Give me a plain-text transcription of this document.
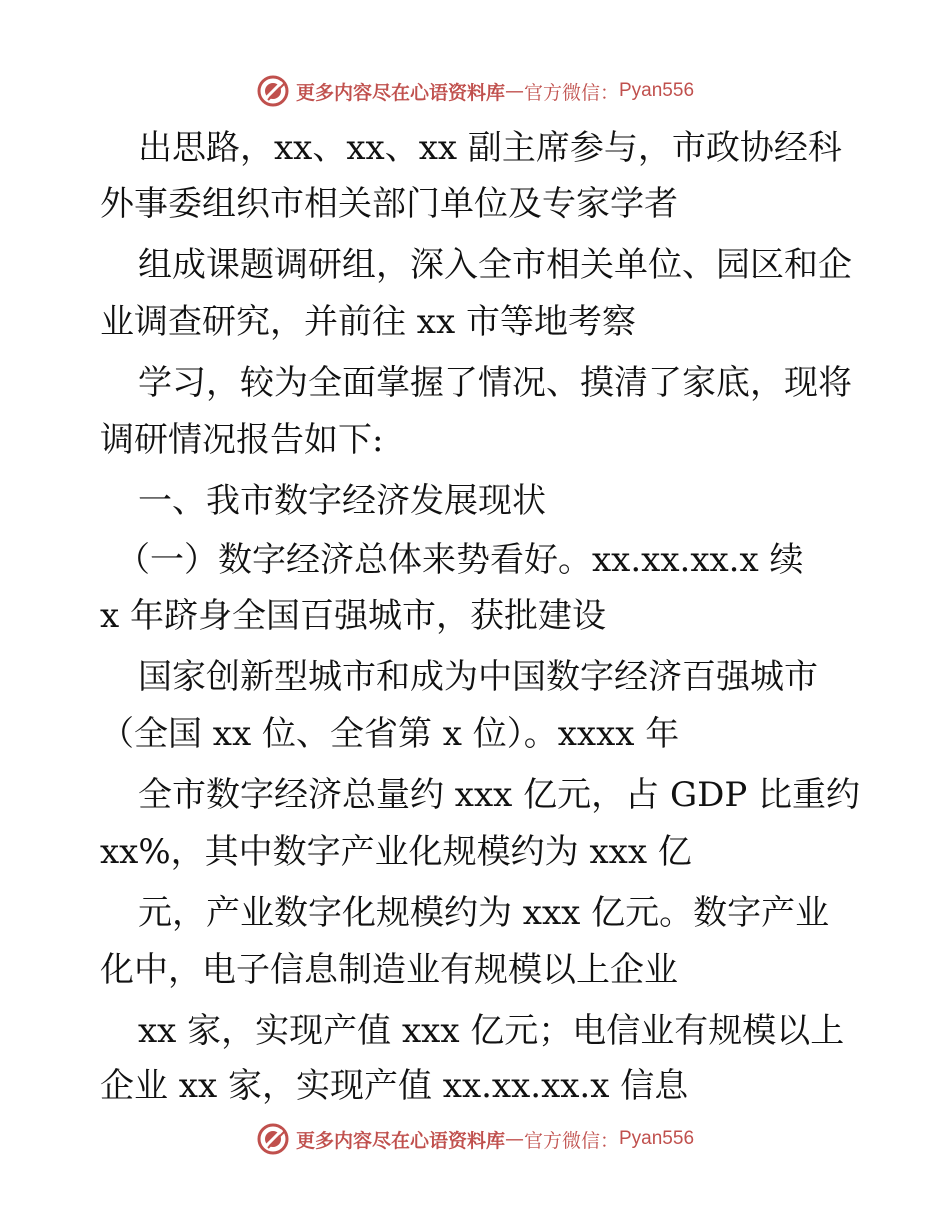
更多内容尽在心语资料库 — 官方微信： Pyan556
出思路，xx、xx、xx 副主席参与，市政协经科
外事委组织市相关部门单位及专家学者
组成课题调研组，深入全市相关单位、园区和企
业调查研究，并前往 xx 市等地考察
学习，较为全面掌握了情况、摸清了家底，现将
调研情况报告如下:
一、我市数字经济发展现状
（一）数字经济总体来势看好。xx.xx.xx.x 续
x 年跻身全国百强城市，获批建设
国家创新型城市和成为中国数字经济百强城市
（全国 xx 位、全省第 x 位）。xxxx 年
全市数字经济总量约 xxx 亿元，占 GDP 比重约
xx%，其中数字产业化规模约为 xxx 亿
元，产业数字化规模约为 xxx 亿元。数字产业
化中，电子信息制造业有规模以上企业
xx 家，实现产值 xxx 亿元；电信业有规模以上
企业 xx 家，实现产值 xx.xx.xx.x 信息
更多内容尽在心语资料库 — 官方微信： Pyan556
